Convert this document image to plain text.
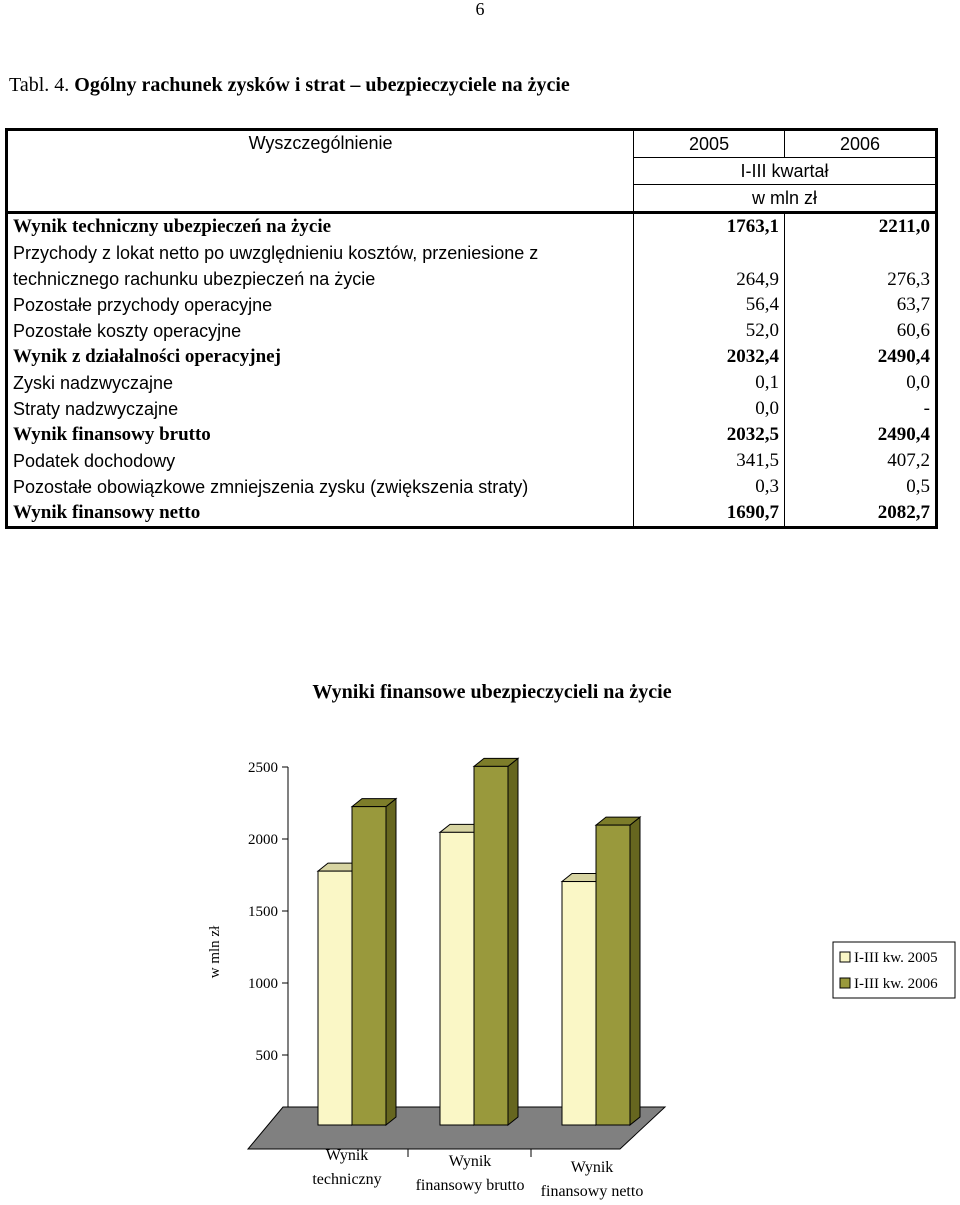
6
Tabl. 4. Ogólny rachunek zysków i strat – ubezpieczyciele na życie
Wyszczególnienie	2005	2006
	I-III kwartał	
	w mln zł	
Wynik techniczny ubezpieczeń na życie	1763,1	2211,0
Przychody z lokat netto po uwzględnieniu kosztów, przeniesione z technicznego rachunku ubezpieczeń na życie	264,9	276,3
Pozostałe przychody operacyjne	56,4	63,7
Pozostałe koszty operacyjne	52,0	60,6
Wynik z działalności operacyjnej	2032,4	2490,4
Zyski nadzwyczajne	0,1	0,0
Straty nadzwyczajne	0,0	-
Wynik finansowy brutto	2032,5	2490,4
Podatek dochodowy	341,5	407,2
Pozostałe obowiązkowe zmniejszenia zysku (zwiększenia straty)	0,3	0,5
Wynik finansowy netto	1690,7	2082,7
Wyniki finansowe ubezpieczycieli na życie
500
1000
1500
2000
2500
w mln zł
Wynik
techniczny
Wynik
finansowy brutto
Wynik
finansowy netto
I-III kw. 2005
I-III kw. 2006
